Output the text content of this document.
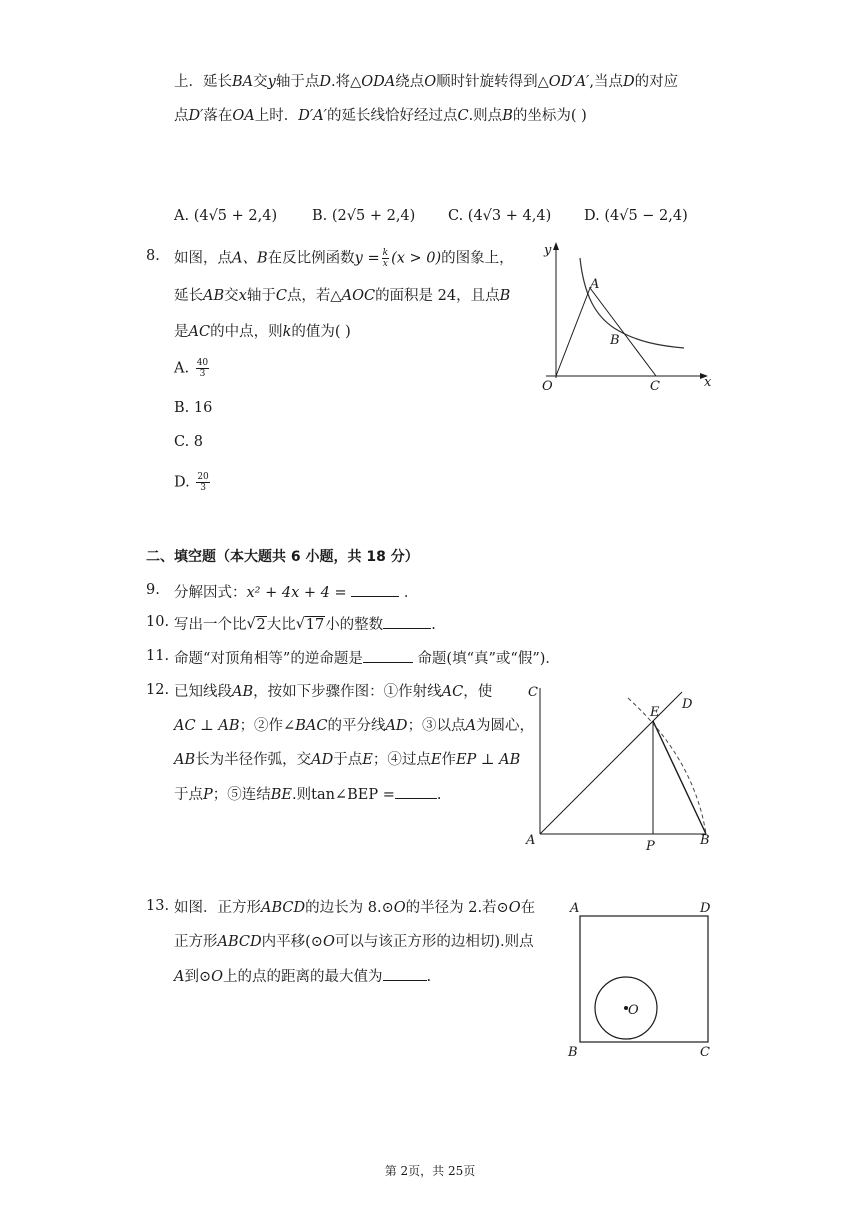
上．延长BA交y轴于点D.将△ODA绕点O顺时针旋转得到△OD′A′,当点D的对应
点D′落在OA上时．D′A′的延长线恰好经过点C.则点B的坐标为( )
A. (4√5 + 2,4) B. (2√5 + 2,4) C. (4√3 + 4,4) D. (4√5 − 2,4)
8. 如图，点A、B在反比例函数$y = \frac{k}{x} (x > 0)$的图象上，
延长AB交x轴于C点，若△AOC的面积是 24，且点B
是AC的中点，则k的值为( )
A. $\frac{40}{3}$
B. 16
C. 8
D. $\frac{20}{3}$
y
x
O
A
B
C
二、填空题（本大题共 6 小题，共 18 分）
9. 分解因式：x² + 4x + 4 =	．
10. 写出一个比 √ 2大比 √ 17小的整数	.
11. 命题“对顶角相等”的逆命题是	命题(填“真”或“假”)．
12. 已知线段AB，按如下步骤作图：①作射线AC，使
AC ⊥ AB；②作∠BAC的平分线AD；③以点A为圆心，
AB长为半径作弧，交AD于点E；④过点E作EP ⊥ AB
于点P；⑤连结BE.则tan∠BEP =	.
C
D
E
A	P	B
13. 如图．正方形ABCD的边长为 8.⊙O的半径为 2.若⊙O在
正方形ABCD内平移(⊙O可以与该正方形的边相切).则点
A到⊙O上的点的距离的最大值为	.
A	D
B	C
O
第 2页，共 25页
